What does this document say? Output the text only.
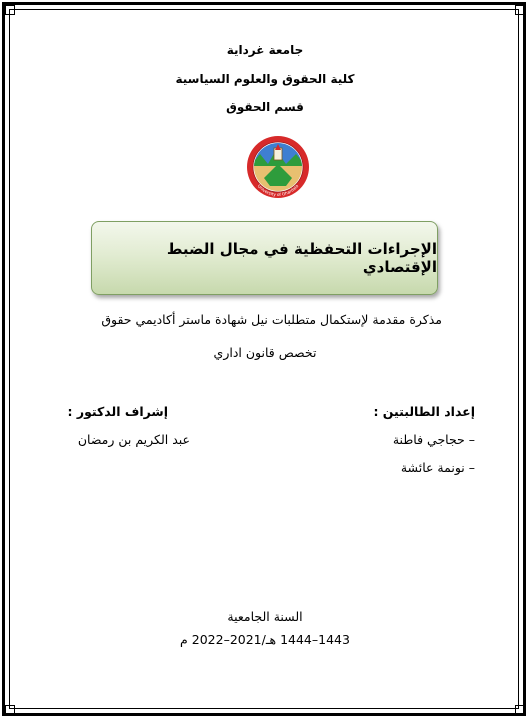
جامعة غرداية
كلية الحقوق والعلوم السياسية
قسم الحقوق
University of Ghardaia
الإجراءات التحفظية في مجال الضبط الإقتصادي
مذكرة مقدمة لإستكمال متطلبات نيل شهادة ماستر أكاديمي حقوق
تخصص قانون اداري
إعداد الطالبتين :
إشراف الدكتور :
– حجاجي فاطنة
– نونمة عائشة
عبد الكريم بن رمضان
السنة الجامعية
1443–1444 هـ/2021–2022 م
